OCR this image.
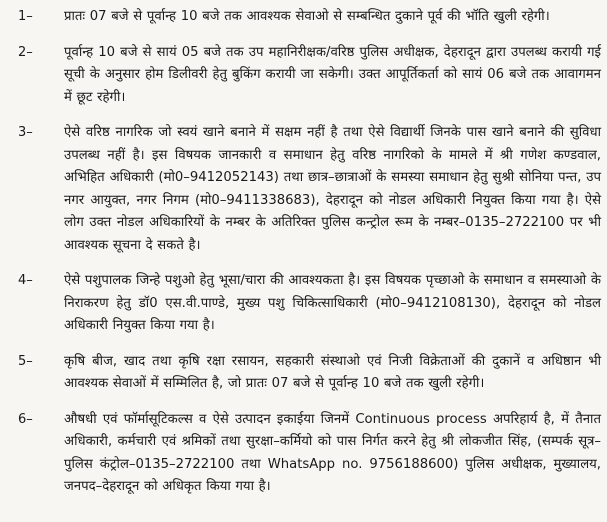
1–	प्रातः 07 बजे से पूर्वान्ह 10 बजे तक आवश्यक सेवाओ से सम्बन्धित दुकाने पूर्व की भॉति खुली रहेगी।
2–	पूर्वान्ह 10 बजे से सायं 05 बजे तक उप महानिरीक्षक/वरिष्ठ पुलिस अधीक्षक, देहरादून द्वारा उपलब्ध करायी गई सूची के अनुसार होम डिलीवरी हेतु बुकिंग करायी जा सकेगी। उक्त आपूर्तिकर्ता को सायं 06 बजे तक आवागमन में छूट रहेगी।
3–	ऐसे वरिष्ठ नागरिक जो स्वयं खाने बनाने में सक्षम नहीं है तथा ऐसे विद्यार्थी जिनके पास खाने बनाने की सुविधा उपलब्ध नहीं है। इस विषयक जानकारी व समाधान हेतु वरिष्ठ नागरिको के मामले में श्री गणेश कण्डवाल, अभिहित अधिकारी (मो0–9412052143) तथा छात्र–छात्राओं के समस्या समाधान हेतु सुश्री सोनिया पन्त, उप नगर आयुक्त, नगर निगम (मो0–9411338683), देहरादून को नोडल अधिकारी नियुक्त किया गया है। ऐसे लोग उक्त नोडल अधिकारियों के नम्बर के अतिरिक्त पुलिस कन्ट्रोल रूम के नम्बर–0135–2722100 पर भी आवश्यक सूचना दे सकते है।
4–	ऐसे पशुपालक जिन्हे पशुओ हेतु भूसा/चारा की आवश्यकता है। इस विषयक पृच्छाओ के समाधान व समस्याओ के निराकरण हेतु डॉ0 एस.वी.पाण्डे, मुख्य पशु चिकित्साधिकारी (मो0–9412108130), देहरादून को नोडल अधिकारी नियुक्त किया गया है।
5–	कृषि बीज, खाद तथा कृषि रक्षा रसायन, सहकारी संस्थाओ एवं निजी विक्रेताओं की दुकानें व अधिष्ठान भी आवश्यक सेवाओं में सम्मिलित है, जो प्रातः 07 बजे से पूर्वान्ह 10 बजे तक खुली रहेगी।
6–	औषधी एवं फॉर्मासूटिकल्स व ऐसे उत्पादन इकाईया जिनमें Continuous process अपरिहार्य है, में तैनात अधिकारी, कर्मचारी एवं श्रमिकों तथा सुरक्षा–कर्मियो को पास निर्गत करने हेतु श्री लोकजीत सिंह, (सम्पर्क सूत्र–पुलिस कंट्रोल–0135–2722100 तथा WhatsApp no. 9756188600) पुलिस अधीक्षक, मुख्यालय, जनपद–देहरादून को अधिकृत किया गया है।
